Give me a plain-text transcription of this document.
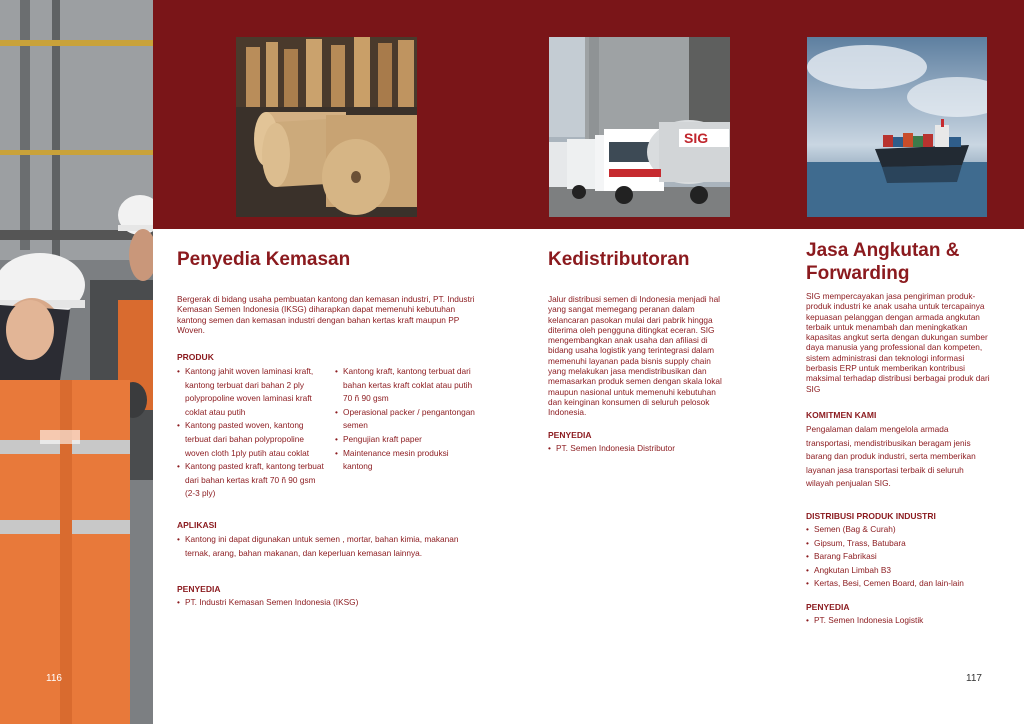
116
SIG
Penyedia Kemasan

Bergerak di bidang usaha pembuatan kantong dan kemasan industri, PT. Industri Kemasan Semen Indonesia (IKSG) diharapkan dapat memenuhi kebutuhan kantong semen dan kemasan industri dengan bahan kertas kraft maupun PP Woven.

PRODUK
• Kantong jahit woven laminasi kraft, kantong terbuat dari bahan 2 ply polypropoline woven laminasi kraft coklat atau putih
• Kantong pasted woven, kantong terbuat dari bahan polypropoline woven cloth 1ply putih atau coklat
• Kantong pasted kraft, kantong terbuat dari bahan kertas kraft 70 ñ 90 gsm (2-3 ply)
• Kantong kraft, kantong terbuat dari bahan kertas kraft coklat atau putih 70 ñ 90 gsm
• Operasional packer / pengantongan semen
• Pengujian kraft paper
• Maintenance mesin produksi kantong
APLIKASI
• Kantong ini dapat digunakan untuk semen , mortar, bahan kimia, makanan ternak, arang, bahan makanan, dan keperluan kemasan lainnya.
PENYEDIA
• PT. Industri Kemasan Semen Indonesia (IKSG)
Kedistributoran

Jalur distribusi semen di Indonesia menjadi hal yang sangat memegang peranan dalam kelancaran pasokan mulai dari pabrik hingga diterima oleh pengguna ditingkat eceran. SIG mengembangkan anak usaha dan afiliasi di bidang usaha logistik yang terintegrasi dalam memenuhi layanan pada bisnis supply chain yang melakukan jasa mendistribusikan dan memasarkan produk semen dengan skala lokal maupun nasional untuk memenuhi kebutuhan dan keinginan konsumen di seluruh pelosok Indonesia.

PENYEDIA
• PT. Semen Indonesia Distributor
Jasa Angkutan & Forwarding

SIG mempercayakan jasa pengiriman produk-produk industri ke anak usaha untuk tercapainya kepuasan pelanggan dengan armada angkutan terbaik untuk menambah dan meningkatkan kapasitas angkut serta dengan dukungan sumber daya manusia yang professional dan kompeten, sistem administrasi dan teknologi informasi berbasis ERP untuk memberikan kontribusi maksimal terhadap distribusi berbagai produk dari SIG

KOMITMEN KAMI

Pengalaman dalam mengelola armada transportasi, mendistribusikan beragam jenis barang dan produk industri, serta memberikan layanan jasa transportasi terbaik di seluruh wilayah penjualan SIG.

DISTRIBUSI PRODUK INDUSTRI
• Semen (Bag & Curah)
• Gipsum, Trass, Batubara
• Barang Fabrikasi
• Angkutan Limbah B3
• Kertas, Besi, Cemen Board, dan lain-lain
PENYEDIA
• PT. Semen Indonesia Logistik
117
